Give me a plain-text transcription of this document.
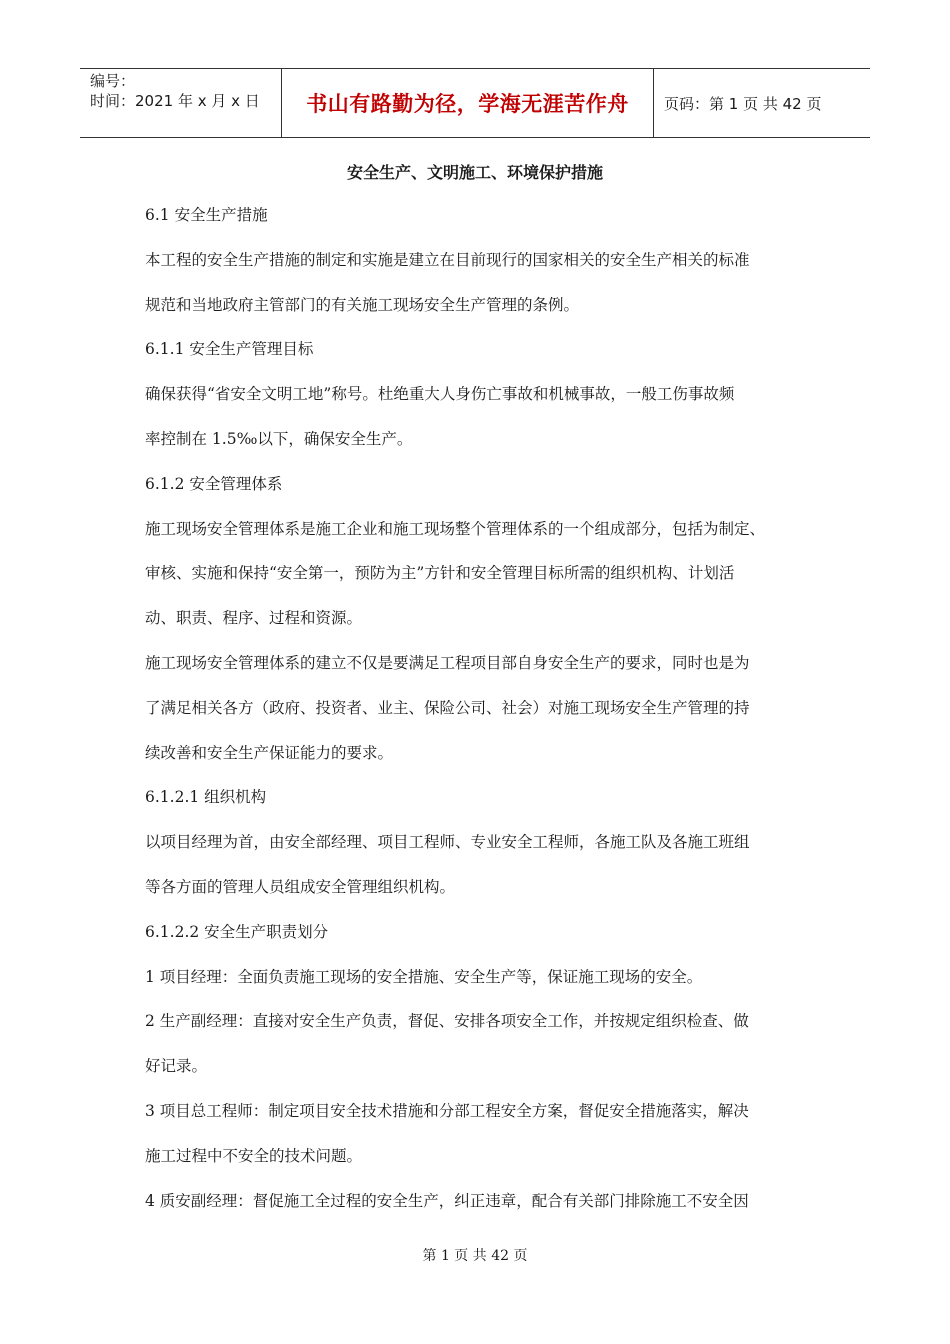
编号：
时间：2021 年 x 月 x 日	书山有路勤为径，学海无涯苦作舟	页码：第 1 页 共 42 页
安全生产、文明施工、环境保护措施
6.1 安全生产措施
本工程的安全生产措施的制定和实施是建立在目前现行的国家相关的安全生产相关的标准
规范和当地政府主管部门的有关施工现场安全生产管理的条例。
6.1.1 安全生产管理目标
确保获得“省安全文明工地”称号。杜绝重大人身伤亡事故和机械事故，一般工伤事故频
率控制在 1.5‰以下，确保安全生产。
6.1.2 安全管理体系
施工现场安全管理体系是施工企业和施工现场整个管理体系的一个组成部分，包括为制定、
审核、实施和保持“安全第一，预防为主”方针和安全管理目标所需的组织机构、计划活
动、职责、程序、过程和资源。
施工现场安全管理体系的建立不仅是要满足工程项目部自身安全生产的要求，同时也是为
了满足相关各方（政府、投资者、业主、保险公司、社会）对施工现场安全生产管理的持
续改善和安全生产保证能力的要求。
6.1.2.1 组织机构
以项目经理为首，由安全部经理、项目工程师、专业安全工程师，各施工队及各施工班组
等各方面的管理人员组成安全管理组织机构。
6.1.2.2 安全生产职责划分
1 项目经理：全面负责施工现场的安全措施、安全生产等，保证施工现场的安全。
2 生产副经理：直接对安全生产负责，督促、安排各项安全工作，并按规定组织检查、做
好记录。
3 项目总工程师：制定项目安全技术措施和分部工程安全方案，督促安全措施落实，解决
施工过程中不安全的技术问题。
4 质安副经理：督促施工全过程的安全生产，纠正违章，配合有关部门排除施工不安全因
第 1 页 共 42 页
